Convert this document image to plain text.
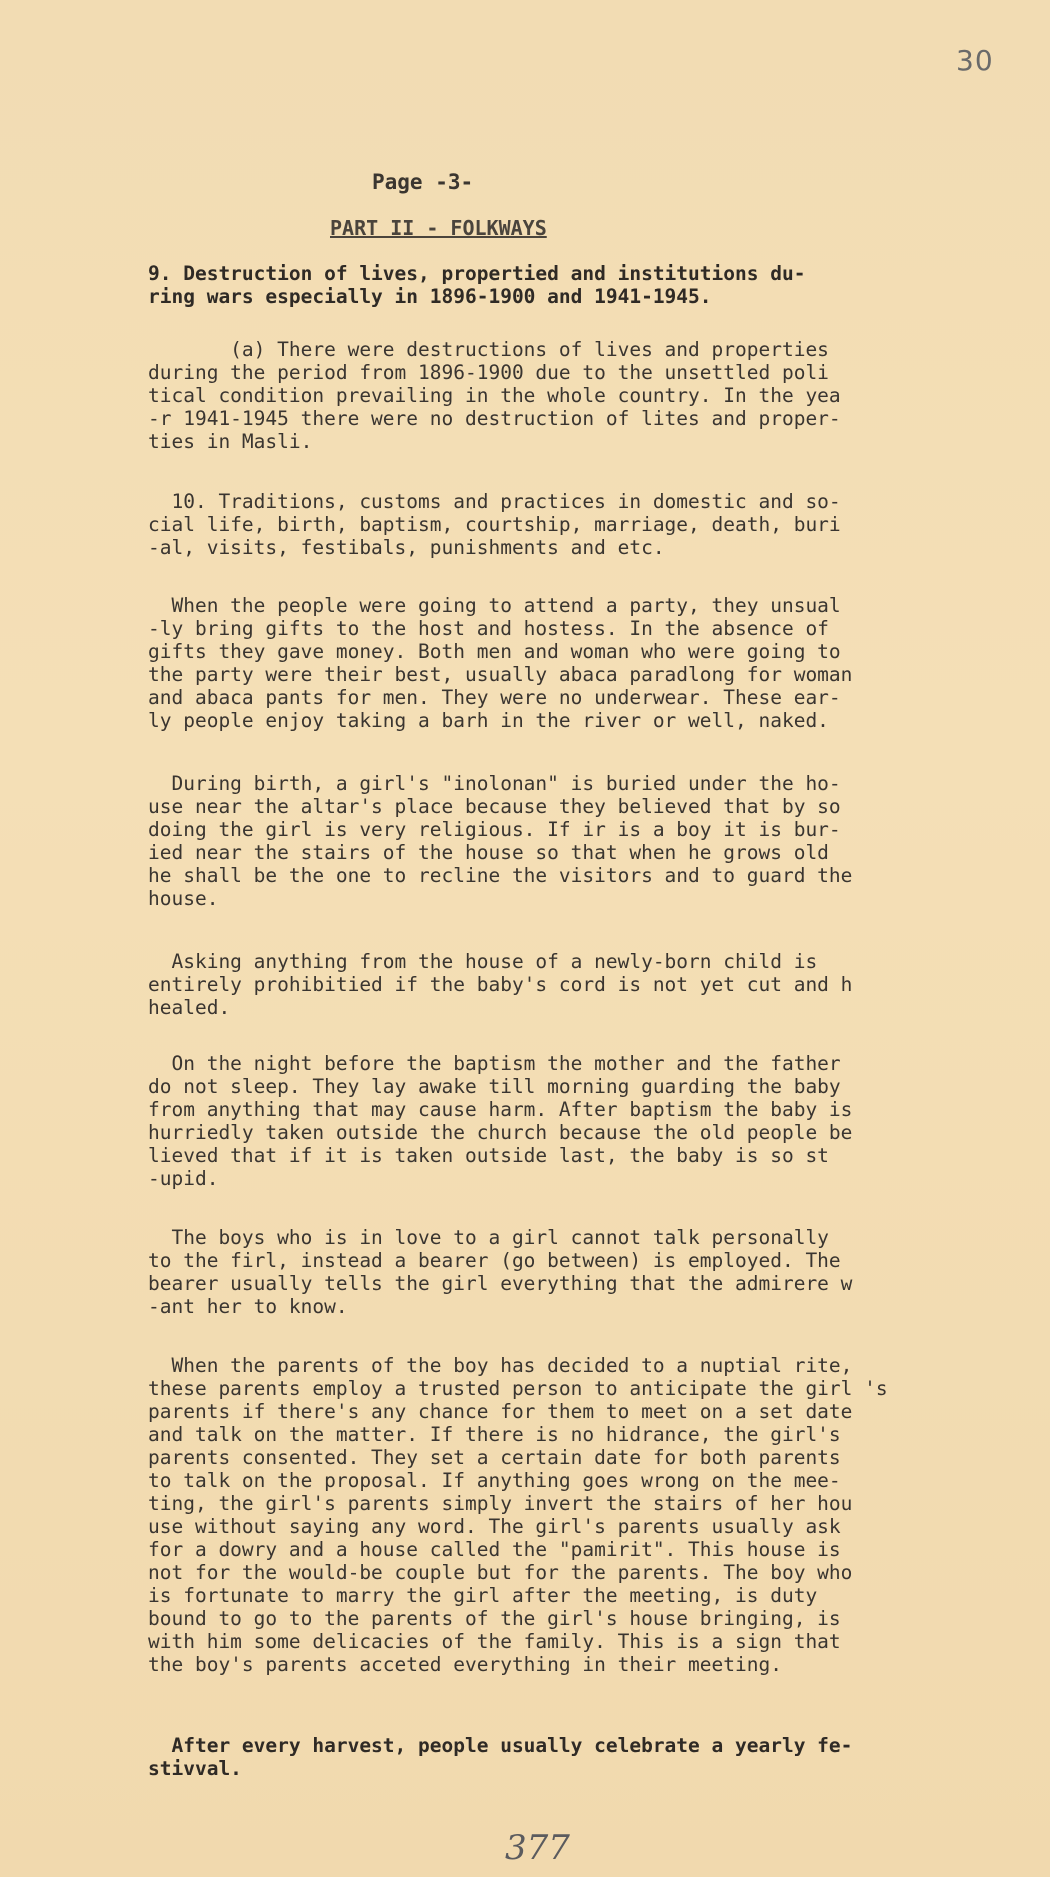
30
Page -3-
PART II - FOLKWAYS
9. Destruction of lives, propertied and institutions du-
ring wars especially in 1896-1900 and 1941-1945.
(a) There were destructions of lives and properties
during the period from 1896-1900 due to the unsettled poli
tical condition prevailing in the whole country. In the yea
-r 1941-1945 there were no destruction of lites and proper-
ties in Masli.
10. Traditions, customs and practices in domestic and so-
cial life, birth, baptism, courtship, marriage, death, buri
-al, visits, festibals, punishments and etc.
When the people were going to attend a party, they unsual
-ly bring gifts to the host and hostess. In the absence of
gifts they gave money. Both men and woman who were going to
the party were their best, usually abaca paradlong for woman
and abaca pants for men. They were no underwear. These ear-
ly people enjoy taking a barh in the river or well, naked.
During birth, a girl's "inolonan" is buried under the ho-
use near the altar's place because they believed that by so
doing the girl is very religious. If ir is a boy it is bur-
ied near the stairs of the house so that when he grows old
he shall be the one to recline the visitors and to guard the
house.
Asking anything from the house of a newly-born child is
entirely prohibitied if the baby's cord is not yet cut and h
healed.
On the night before the baptism the mother and the father
do not sleep. They lay awake till morning guarding the baby
from anything that may cause harm. After baptism the baby is
hurriedly taken outside the church because the old people be
lieved that if it is taken outside last, the baby is so st
-upid.
The boys who is in love to a girl cannot talk personally
to the firl, instead a bearer (go between) is employed. The
bearer usually tells the girl everything that the admirere w
-ant her to know.
When the parents of the boy has decided to a nuptial rite,
these parents employ a trusted person to anticipate the girl 's
parents if there's any chance for them to meet on a set date
and talk on the matter. If there is no hidrance, the girl's
parents consented. They set a certain date for both parents
to talk on the proposal. If anything goes wrong on the mee-
ting, the girl's parents simply invert the stairs of her hou
use without saying any word. The girl's parents usually ask
for a dowry and a house called the "pamirit". This house is
not for the would-be couple but for the parents. The boy who
is fortunate to marry the girl after the meeting, is duty
bound to go to the parents of the girl's house bringing, is
with him some delicacies of the family. This is a sign that
the boy's parents acceted everything in their meeting.
After every harvest, people usually celebrate a yearly fe-
stivval.
377
